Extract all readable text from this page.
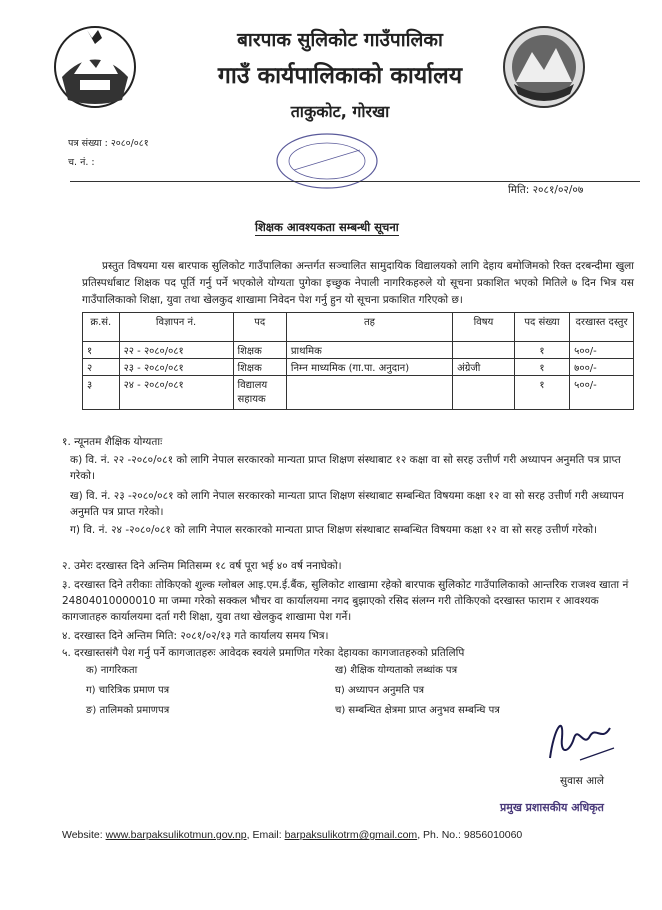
बारपाक सुलिकोट गाउँपालिका
गाउँ कार्यपालिकाको कार्यालय
ताकुकोट, गोरखा
पत्र संख्या : २०८०/०८१
च. नं. :
मिति: २०८१/०२/०७
शिक्षक आवश्यकता सम्बन्धी सूचना
प्रस्तुत विषयमा यस बारपाक सुलिकोट गाउँपालिका अन्तर्गत सञ्चालित सामुदायिक विद्यालयको लागि देहाय बमोजिमको रिक्त दरबन्दीमा खुला प्रतिस्पर्धाबाट शिक्षक पद पूर्ति गर्नु पर्ने भएकोले योग्यता पुगेका इच्छुक नेपाली नागरिकहरुले यो सूचना प्रकाशित भएको मितिले ७ दिन भित्र यस गाउँपालिकाको शिक्षा, युवा तथा खेलकुद शाखामा निवेदन पेश गर्नु हुन यो सूचना प्रकाशित गरिएको छ।
क्र.सं.	विज्ञापन नं.	पद	तह	विषय	पद संख्या	दरखास्त दस्तुर
१	२२ - २०८०/०८१	शिक्षक	प्राथमिक		१	५००/-
२	२३ - २०८०/०८१	शिक्षक	निम्न माध्यमिक (गा.पा. अनुदान)	अंग्रेजी	१	७००/-
३	२४ - २०८०/०८१	विद्यालय सहायक			१	५००/-
१. न्यूनतम शैक्षिक योग्यताः
क) वि. नं. २२ -२०८०/०८१ को लागि नेपाल सरकारको मान्यता प्राप्त शिक्षण संस्थाबाट १२ कक्षा वा सो सरह उत्तीर्ण गरी अध्यापन अनुमति पत्र प्राप्त गरेको।
ख) वि. नं. २३ -२०८०/०८१ को लागि नेपाल सरकारको मान्यता प्राप्त शिक्षण संस्थाबाट सम्बन्धित विषयमा कक्षा १२ वा सो सरह उत्तीर्ण गरी अध्यापन अनुमति पत्र प्राप्त गरेको।
ग) वि. नं. २४ -२०८०/०८१ को लागि नेपाल सरकारको मान्यता प्राप्त शिक्षण संस्थाबाट सम्बन्धित विषयमा कक्षा १२ वा सो सरह उत्तीर्ण गरेको।
२. उमेरः दरखास्त दिने अन्तिम मितिसम्म १८ वर्ष पूरा भई ४० वर्ष ननाघेको।
३. दरखास्त दिने तरीकाः तोकिएको शुल्क ग्लोबल आइ.एम.ई.बैंक, सुलिकोट शाखामा रहेको बारपाक सुलिकोट गाउँपालिकाको आन्तरिक राजश्व खाता नं 24804010000010 मा जम्मा गरेको सक्कल भौचर वा कार्यालयमा नगद बुझाएको रसिद संलग्न गरी तोकिएको दरखास्त फाराम र आवश्यक कागजातहरु कार्यालयमा दर्ता गरी शिक्षा, युवा तथा खेलकुद शाखामा पेश गर्ने।
४. दरखास्त दिने अन्तिम मिति: २०८१/०२/१३ गते कार्यालय समय भित्र।
५. दरखास्तसंगै पेश गर्नु पर्ने कागजातहरुः आवेदक स्वयंले प्रमाणित गरेका देहायका कागजातहरुको प्रतिलिपि
क) नागरिकता	ख) शैक्षिक योग्यताको लब्धांक पत्र
ग) चारित्रिक प्रमाण पत्र	घ) अध्यापन अनुमति पत्र
ङ) तालिमको प्रमाणपत्र	च) सम्बन्धित क्षेत्रमा प्राप्त अनुभव सम्बन्धि पत्र
सुवास आले
प्रमुख प्रशासकीय अधिकृत
Website: www.barpaksulikotmun.gov.np, Email: barpaksulikotrm@gmail.com, Ph. No.: 9856010060
